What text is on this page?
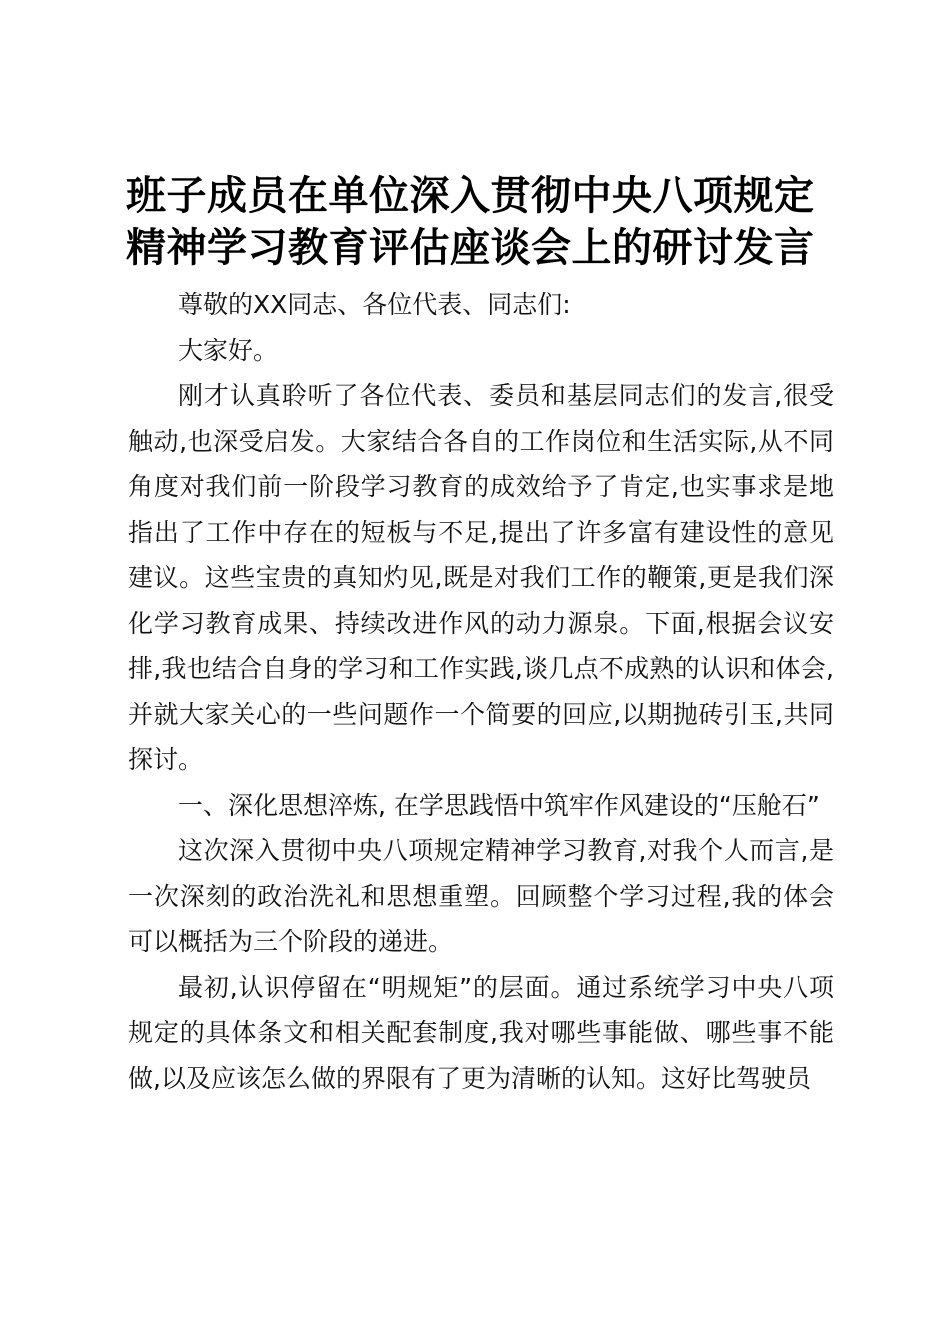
班子成员在单位深入贯彻中央八项规定
精神学习教育评估座谈会上的研讨发言

尊敬的XX同志、各位代表、同志们:

大家好。

刚才认真聆听了各位代表、委员和基层同志们的发言,很受触动,也深受启发。大家结合各自的工作岗位和生活实际,从不同角度对我们前一阶段学习教育的成效给予了肯定,也实事求是地指出了工作中存在的短板与不足,提出了许多富有建设性的意见建议。这些宝贵的真知灼见,既是对我们工作的鞭策,更是我们深化学习教育成果、持续改进作风的动力源泉。下面,根据会议安排,我也结合自身的学习和工作实践,谈几点不成熟的认识和体会,并就大家关心的一些问题作一个简要的回应,以期抛砖引玉,共同探讨。

一、深化思想淬炼, 在学思践悟中筑牢作风建设的“压舱石”

这次深入贯彻中央八项规定精神学习教育,对我个人而言,是一次深刻的政治洗礼和思想重塑。回顾整个学习过程,我的体会可以概括为三个阶段的递进。

最初,认识停留在“明规矩”的层面。通过系统学习中央八项规定的具体条文和相关配套制度,我对哪些事能做、哪些事不能做,以及应该怎么做的界限有了更为清晰的认知。这好比驾驶员
